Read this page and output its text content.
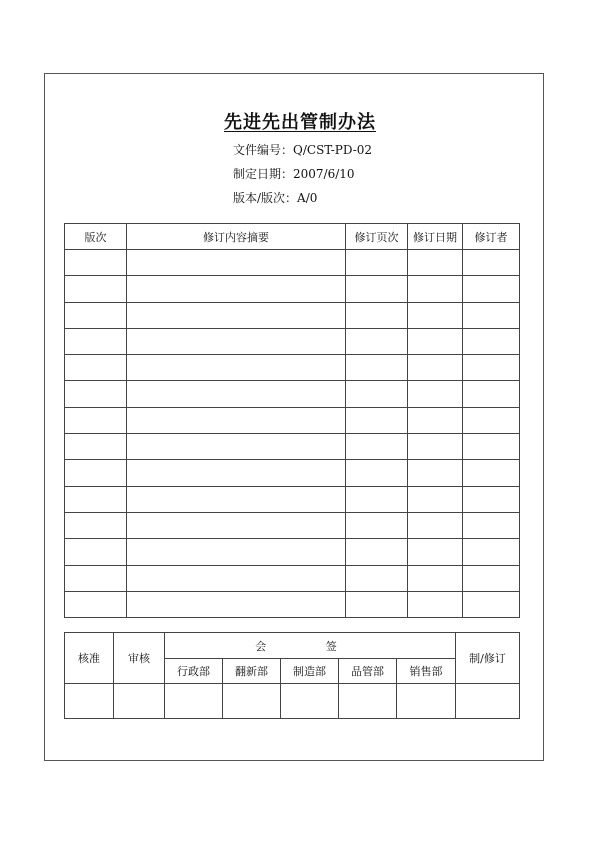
先进先出管制办法
文件编号：Q/CST-PD-02
制定日期：2007/6/10
版本/版次：A/0
版次	修订内容摘要	修订页次	修订日期	修订者

核准	审核	会 签					制/修订
		行政部	翻新部	制造部	品管部	销售部	
